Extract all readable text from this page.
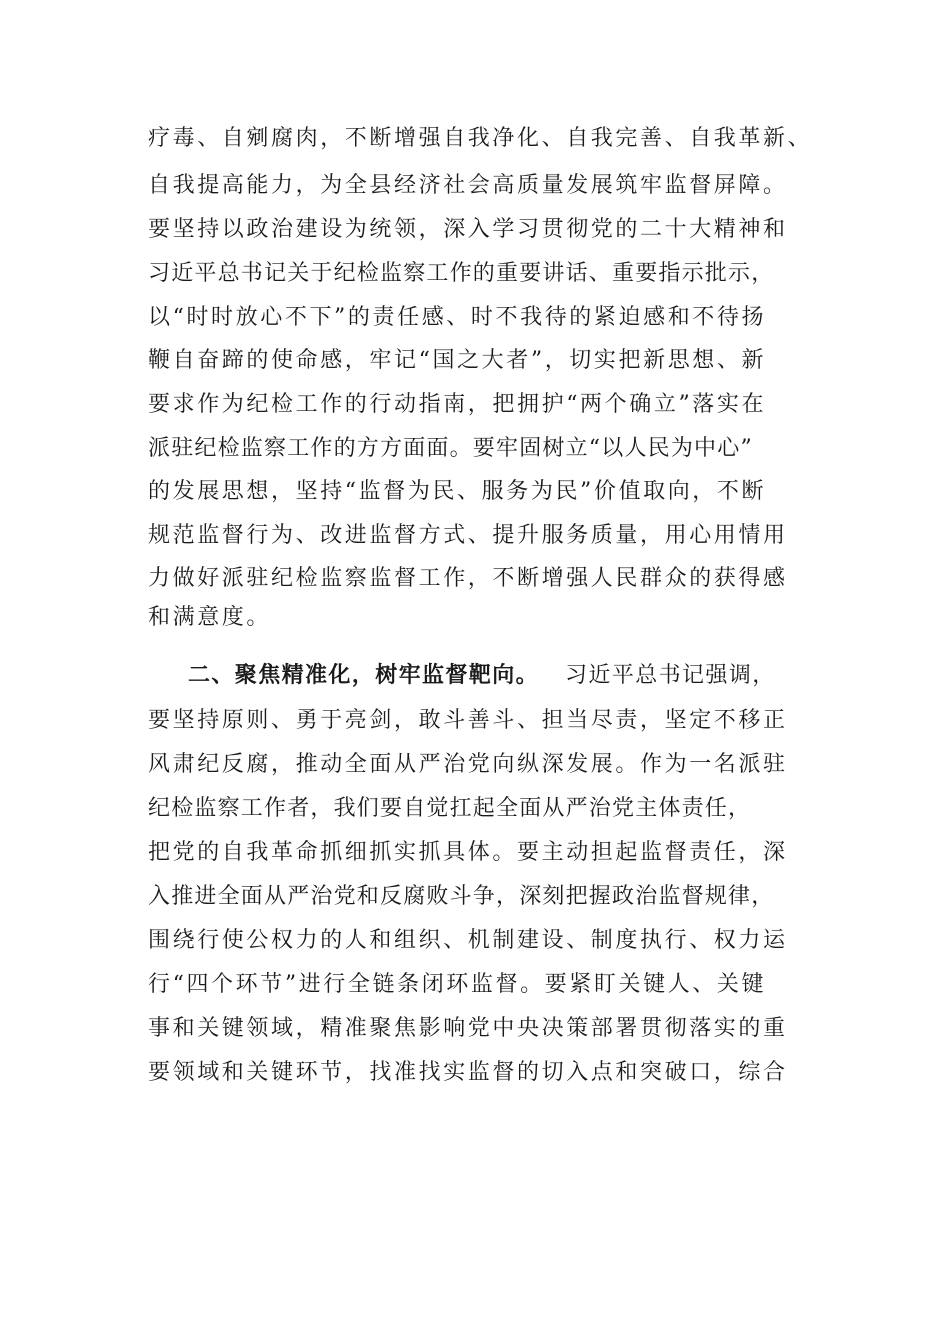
疗毒、自剜腐肉，不断增强自我净化、自我完善、自我革新、
自我提高能力，为全县经济社会高质量发展筑牢监督屏障。
要坚持以政治建设为统领，深入学习贯彻党的二十大精神和
习近平总书记关于纪检监察工作的重要讲话、重要指示批示，
以“时时放心不下”的责任感、时不我待的紧迫感和不待扬
鞭自奋蹄的使命感，牢记“国之大者”，切实把新思想、新
要求作为纪检工作的行动指南，把拥护“两个确立”落实在
派驻纪检监察工作的方方面面。要牢固树立“以人民为中心”
的发展思想，坚持“监督为民、服务为民”价值取向，不断
规范监督行为、改进监督方式、提升服务质量，用心用情用
力做好派驻纪检监察监督工作，不断增强人民群众的获得感
和满意度。
二、聚焦精准化，树牢监督靶向。 习近平总书记强调，
要坚持原则、勇于亮剑，敢斗善斗、担当尽责，坚定不移正
风肃纪反腐，推动全面从严治党向纵深发展。作为一名派驻
纪检监察工作者，我们要自觉扛起全面从严治党主体责任，
把党的自我革命抓细抓实抓具体。要主动担起监督责任，深
入推进全面从严治党和反腐败斗争，深刻把握政治监督规律，
围绕行使公权力的人和组织、机制建设、制度执行、权力运
行“四个环节”进行全链条闭环监督。要紧盯关键人、关键
事和关键领域，精准聚焦影响党中央决策部署贯彻落实的重
要领域和关键环节，找准找实监督的切入点和突破口，综合
